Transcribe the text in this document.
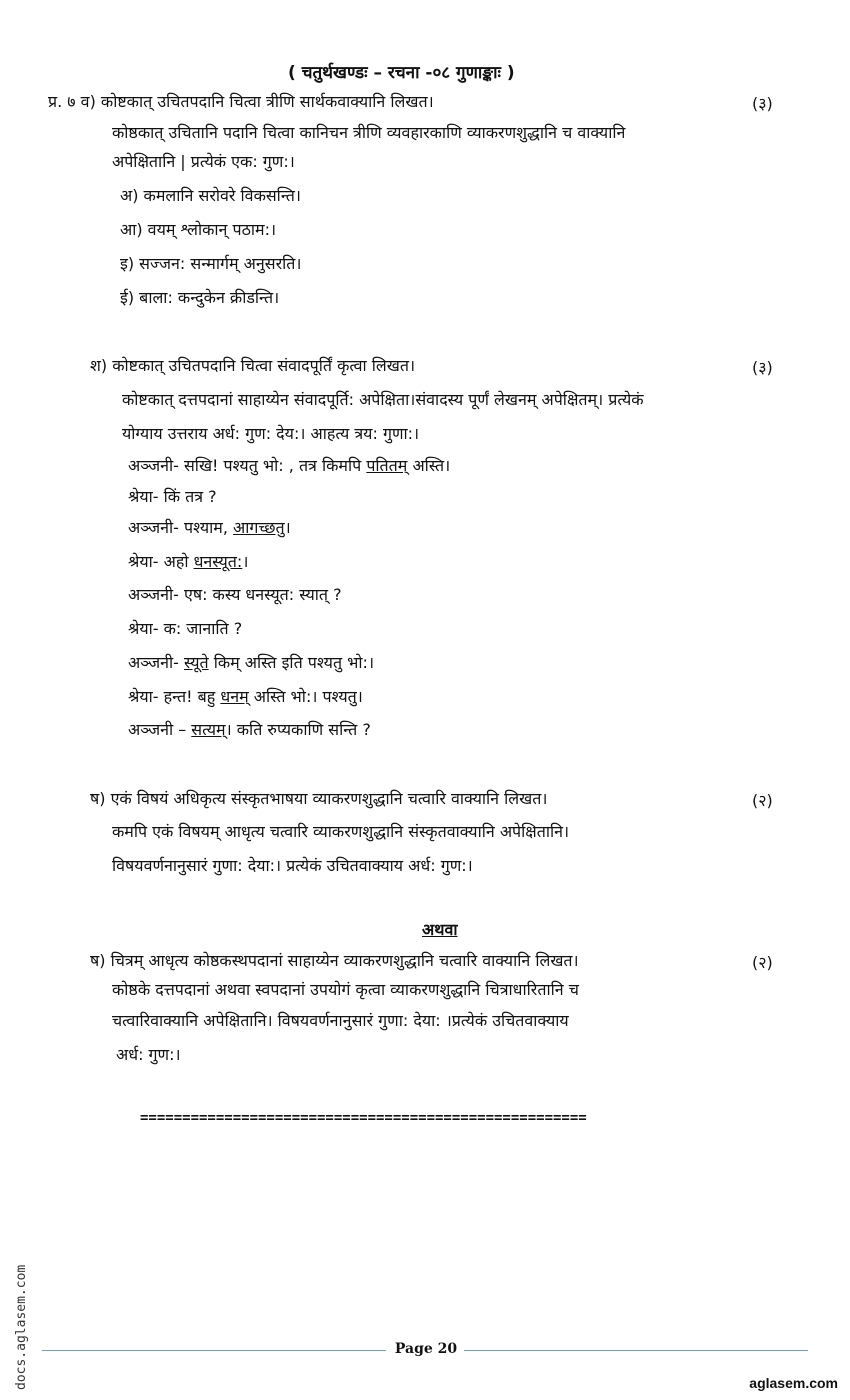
( चतुर्थखण्डः – रचना -०८ गुणाङ्काः )
प्र. ७ व) कोष्टकात् उचितपदानि चित्वा त्रीणि सार्थकवाक्यानि लिखत।	(३)
कोष्ठकात् उचितानि पदानि चित्वा कानिचन त्रीणि व्यवहारकाणि व्याकरणशुद्धानि च वाक्यानि
अपेक्षितानि | प्रत्येकं एक: गुण:।
अ) कमलानि सरोवरे विकसन्ति।
आ) वयम् श्लोकान् पठाम:।
इ) सज्जन: सन्मार्गम् अनुसरति।
ई) बाला: कन्दुकेन क्रीडन्ति।
श) कोष्टकात् उचितपदानि चित्वा संवादपूर्तिं कृत्वा लिखत।	(३)
कोष्टकात् दत्तपदानां साहाय्येन संवादपूर्ति: अपेक्षिता।संवादस्य पूर्णं लेखनम् अपेक्षितम्। प्रत्येकं
योग्याय उत्तराय अर्ध: गुण: देय:। आहत्य त्रय: गुणा:।
अञ्जनी- सखि! पश्यतु भो: , तत्र किमपि पतितम् अस्ति।
श्रेया- किं तत्र ?
अञ्जनी- पश्याम, आगच्छतु।
श्रेया- अहो धनस्यूत:।
अञ्जनी- एष: कस्य धनस्यूत: स्यात् ?
श्रेया- क: जानाति ?
अञ्जनी- स्यूते किम् अस्ति इति पश्यतु भो:।
श्रेया- हन्त! बहु धनम् अस्ति भो:। पश्यतु।
अञ्जनी – सत्यम्। कति रुप्यकाणि सन्ति ?
ष) एकं विषयं अधिकृत्य संस्कृतभाषया व्याकरणशुद्धानि चत्वारि वाक्यानि लिखत।	(२)
कमपि एकं विषयम् आधृत्य चत्वारि व्याकरणशुद्धानि संस्कृतवाक्यानि अपेक्षितानि।
विषयवर्णनानुसारं गुणा: देया:। प्रत्येकं उचितवाक्याय अर्ध: गुण:।
अथवा
ष) चित्रम् आधृत्य कोष्ठकस्थपदानां साहाय्येन व्याकरणशुद्धानि चत्वारि वाक्यानि लिखत।	(२)
कोष्ठके दत्तपदानां अथवा स्वपदानां उपयोगं कृत्वा व्याकरणशुद्धानि चित्राधारितानि च
चत्वारिवाक्यानि अपेक्षितानि। विषयवर्णनानुसारं गुणा: देया: ।प्रत्येकं उचितवाक्याय
अर्ध: गुण:।
=====================================================
docs.aglasem.com	Page 20
aglasem.com
